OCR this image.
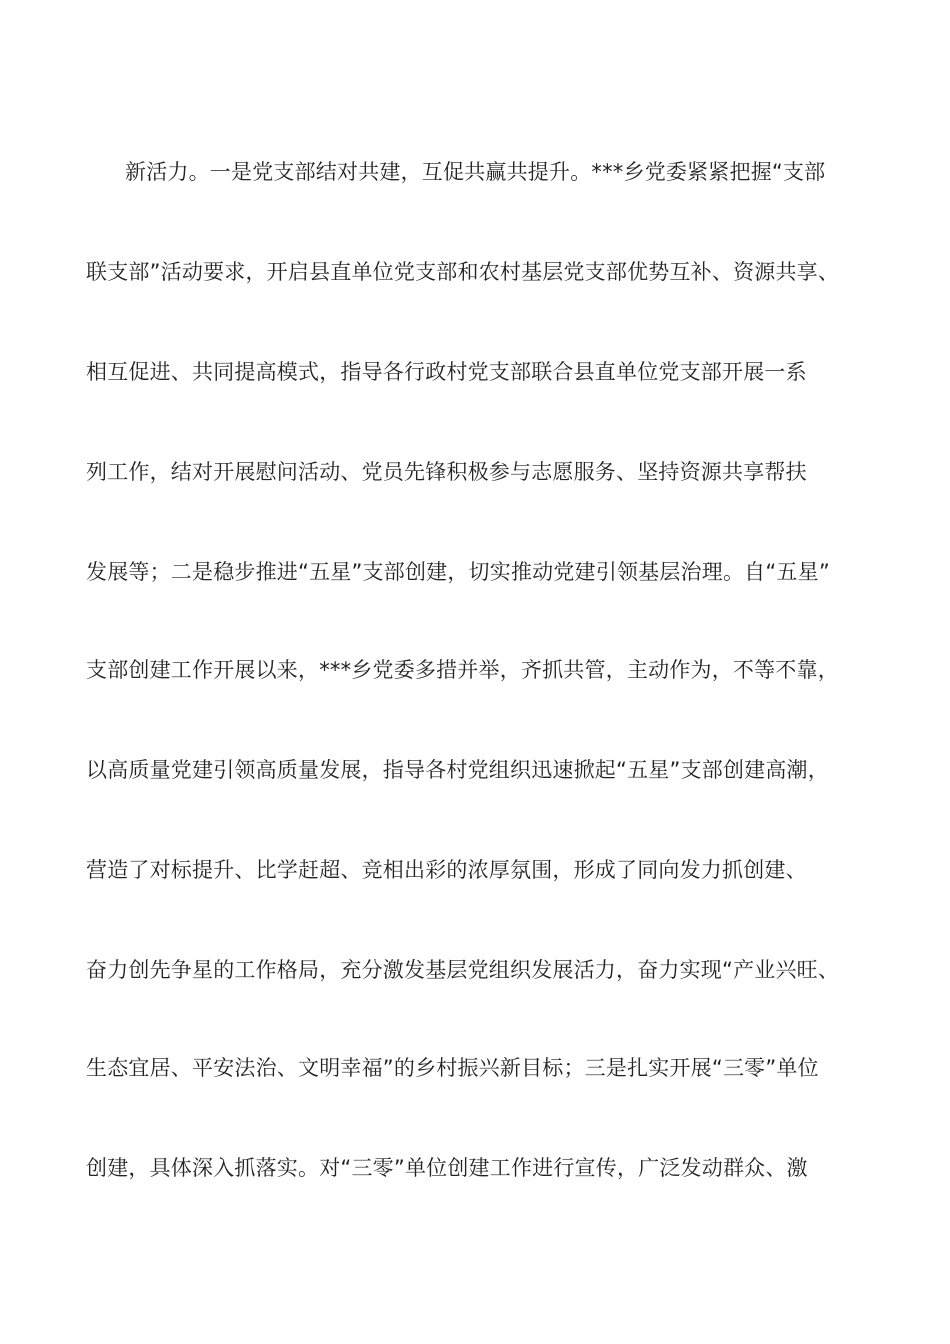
新活力。一是党支部结对共建，互促共赢共提升。***乡党委紧紧把握“支部
联支部”活动要求，开启县直单位党支部和农村基层党支部优势互补、资源共享、
相互促进、共同提高模式，指导各行政村党支部联合县直单位党支部开展一系
列工作，结对开展慰问活动、党员先锋积极参与志愿服务、坚持资源共享帮扶
发展等；二是稳步推进“五星”支部创建，切实推动党建引领基层治理。自“五星”
支部创建工作开展以来，***乡党委多措并举，齐抓共管，主动作为，不等不靠，
以高质量党建引领高质量发展，指导各村党组织迅速掀起“五星”支部创建高潮，
营造了对标提升、比学赶超、竞相出彩的浓厚氛围，形成了同向发力抓创建、
奋力创先争星的工作格局，充分激发基层党组织发展活力，奋力实现“产业兴旺、
生态宜居、平安法治、文明幸福”的乡村振兴新目标；三是扎实开展“三零”单位
创建，具体深入抓落实。对“三零”单位创建工作进行宣传，广泛发动群众、激
